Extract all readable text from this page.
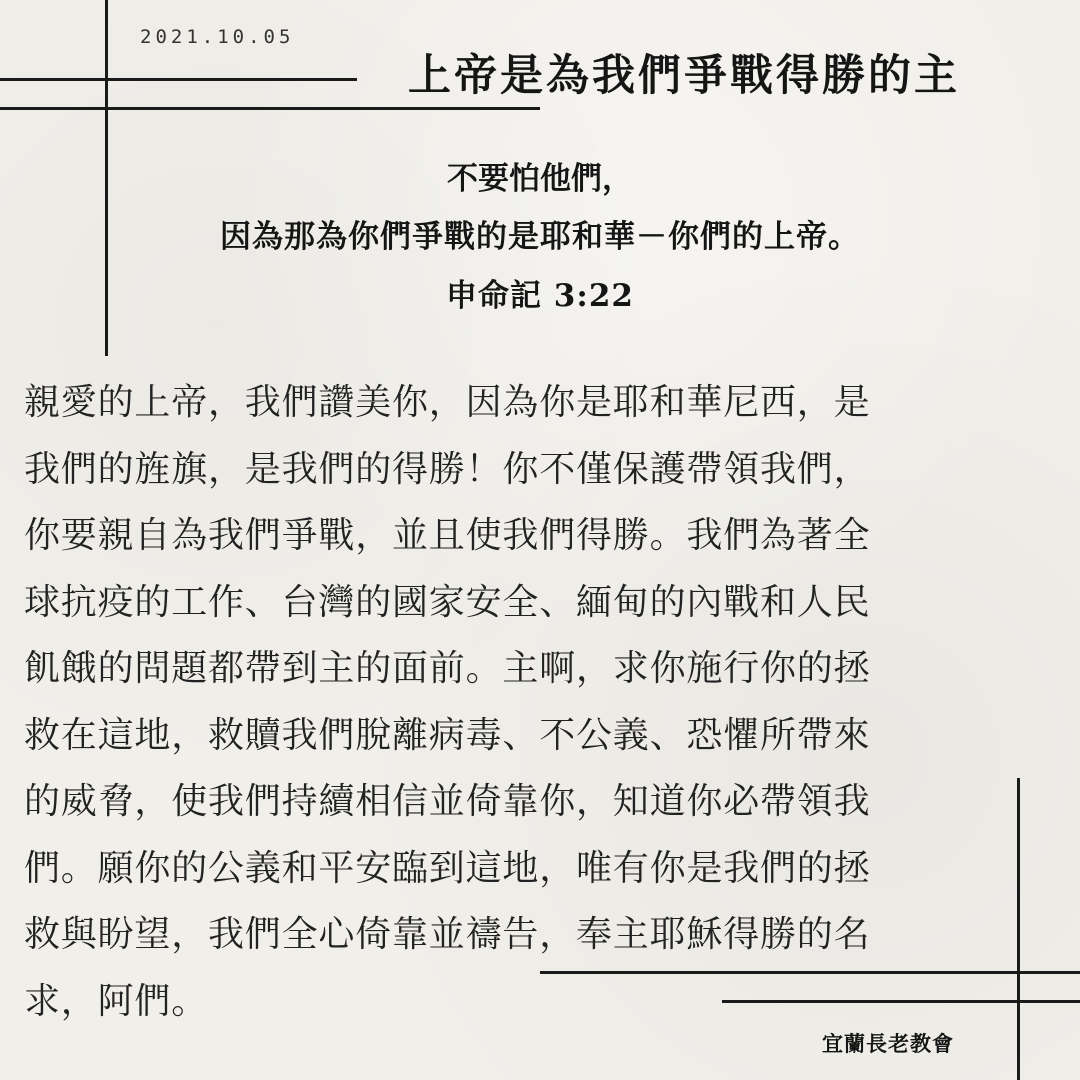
2021.10.05
上帝是為我們爭戰得勝的主
不要怕他們，
因為那為你們爭戰的是耶和華－你們的上帝。
申命記 3:22
親愛的上帝，我們讚美你，因為你是耶和華尼西，是
我們的旌旗，是我們的得勝！你不僅保護帶領我們，
你要親自為我們爭戰，並且使我們得勝。我們為著全
球抗疫的工作、台灣的國家安全、緬甸的內戰和人民
飢餓的問題都帶到主的面前。主啊，求你施行你的拯
救在這地，救贖我們脫離病毒、不公義、恐懼所帶來
的威脅，使我們持續相信並倚靠你，知道你必帶領我
們。願你的公義和平安臨到這地，唯有你是我們的拯
救與盼望，我們全心倚靠並禱告，奉主耶穌得勝的名
求，阿們。
宜蘭長老教會
